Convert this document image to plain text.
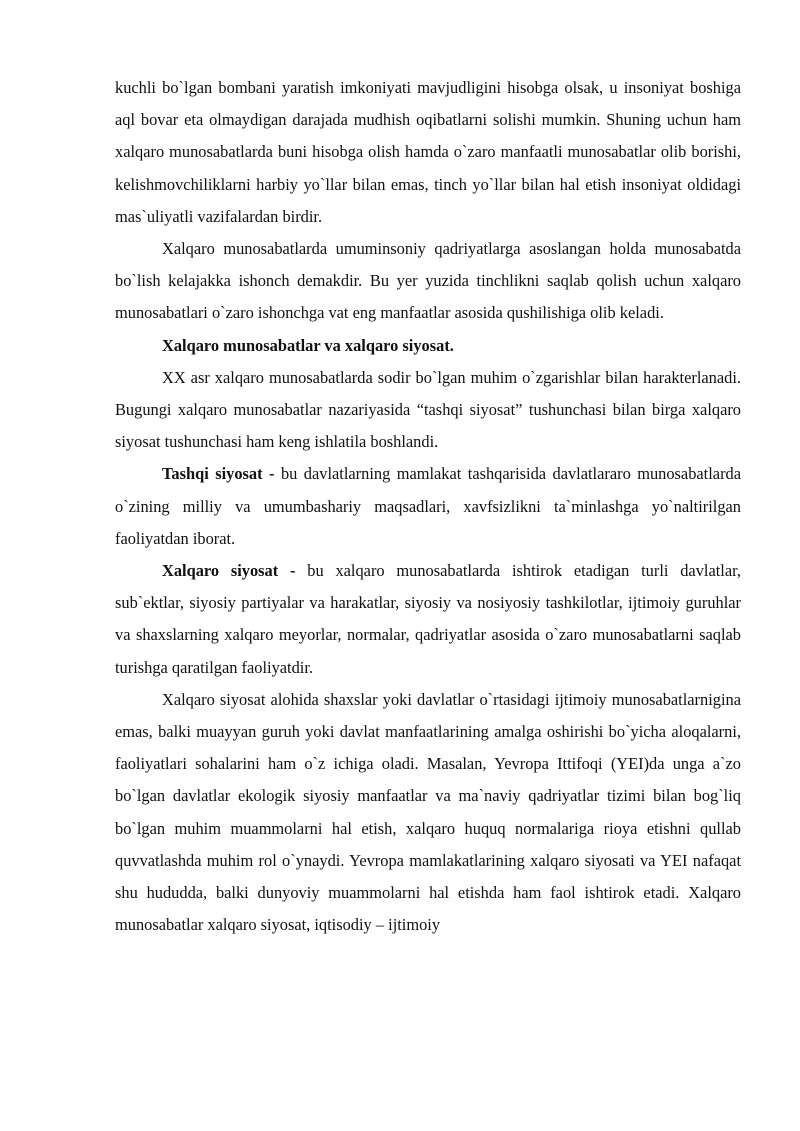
kuchli bo`lgan bombani yaratish imkoniyati mavjudligini hisobga olsak, u insoniyat boshiga aql bovar eta olmaydigan darajada mudhish oqibatlarni solishi mumkin. Shuning uchun ham xalqaro munosabatlarda buni hisobga olish hamda o`zaro manfaatli munosabatlar olib borishi, kelishmovchiliklarni harbiy yo`llar bilan emas, tinch yo`llar bilan hal etish insoniyat oldidagi mas`uliyatli vazifalardan birdir.

Xalqaro munosabatlarda umuminsoniy qadriyatlarga asoslangan holda munosabatda bo`lish kelajakka ishonch demakdir. Bu yer yuzida tinchlikni saqlab qolish uchun xalqaro munosabatlari o`zaro ishonchga vat eng manfaatlar asosida qushilishiga olib keladi.

Xalqaro munosabatlar va xalqaro siyosat.

XX asr xalqaro munosabatlarda sodir bo`lgan muhim o`zgarishlar bilan harakterlanadi. Bugungi xalqaro munosabatlar nazariyasida “tashqi siyosat” tushunchasi bilan birga xalqaro siyosat tushunchasi ham keng ishlatila boshlandi.

Tashqi siyosat - bu davlatlarning mamlakat tashqarisida davlatlararo munosabatlarda o`zining milliy va umumbashariy maqsadlari, xavfsizlikni ta`minlashga yo`naltirilgan faoliyatdan iborat.

Xalqaro siyosat - bu xalqaro munosabatlarda ishtirok etadigan turli davlatlar, sub`ektlar, siyosiy partiyalar va harakatlar, siyosiy va nosiyosiy tashkilotlar, ijtimoiy guruhlar va shaxslarning xalqaro meyorlar, normalar, qadriyatlar asosida o`zaro munosabatlarni saqlab turishga qaratilgan faoliyatdir.

Xalqaro siyosat alohida shaxslar yoki davlatlar o`rtasidagi ijtimoiy munosabatlarnigina emas, balki muayyan guruh yoki davlat manfaatlarining amalga oshirishi bo`yicha aloqalarni, faoliyatlari sohalarini ham o`z ichiga oladi. Masalan, Yevropa Ittifoqi (YEI)da unga a`zo bo`lgan davlatlar ekologik siyosiy manfaatlar va ma`naviy qadriyatlar tizimi bilan bog`liq bo`lgan muhim muammolarni hal etish, xalqaro huquq normalariga rioya etishni qullab quvvatlashda muhim rol o`ynaydi. Yevropa mamlakatlarining xalqaro siyosati va YEI nafaqat shu hududda, balki dunyoviy muammolarni hal etishda ham faol ishtirok etadi. Xalqaro munosabatlar xalqaro siyosat, iqtisodiy – ijtimoiy
